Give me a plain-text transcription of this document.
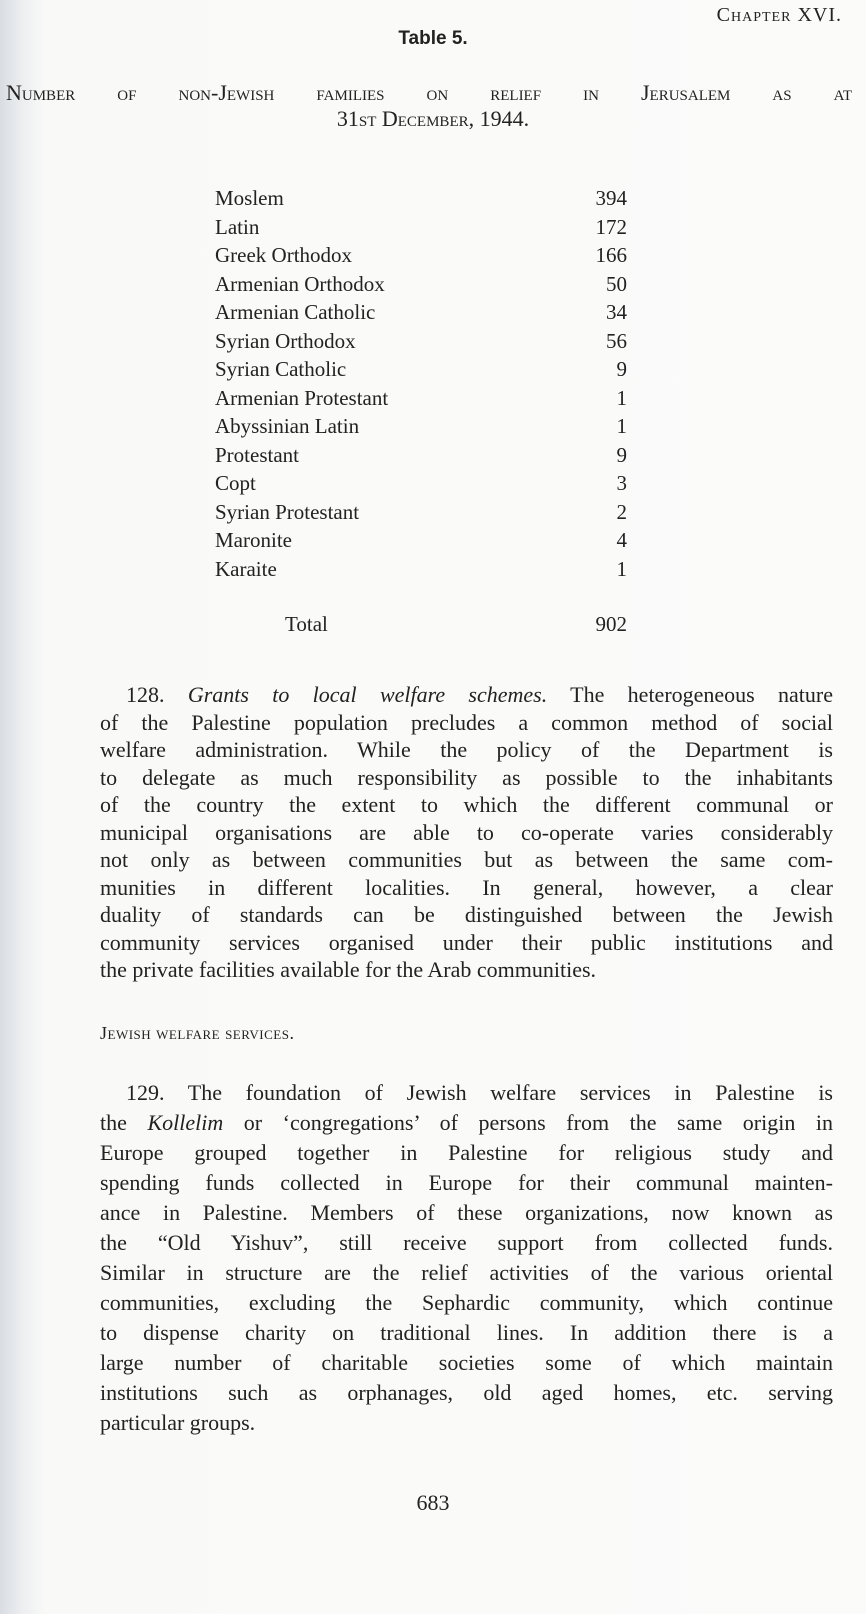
Chapter XVI.
Table 5.
Number of non-Jewish families on relief in Jerusalem as at
31st December, 1944.
Moslem	394
Latin	172
Greek Orthodox	166
Armenian Orthodox	50
Armenian Catholic	34
Syrian Orthodox	56
Syrian Catholic	9
Armenian Protestant	1
Abyssinian Latin	1
Protestant	9
Copt	3
Syrian Protestant	2
Maronite	4
Karaite	1
Total	902
128. Grants to local welfare schemes. The heterogeneous nature
of the Palestine population precludes a common method of social
welfare administration. While the policy of the Department is
to delegate as much responsibility as possible to the inhabitants
of the country the extent to which the different communal or
municipal organisations are able to co-operate varies considerably
not only as between communities but as between the same com-
munities in different localities. In general, however, a clear
duality of standards can be distinguished between the Jewish
community services organised under their public institutions and
the private facilities available for the Arab communities.
Jewish welfare services.
129. The foundation of Jewish welfare services in Palestine is
the Kollelim or ‘congregations’ of persons from the same origin in
Europe grouped together in Palestine for religious study and
spending funds collected in Europe for their communal mainten-
ance in Palestine. Members of these organizations, now known as
the “Old Yishuv”, still receive support from collected funds.
Similar in structure are the relief activities of the various oriental
communities, excluding the Sephardic community, which continue
to dispense charity on traditional lines. In addition there is a
large number of charitable societies some of which maintain
institutions such as orphanages, old aged homes, etc. serving
particular groups.
683
